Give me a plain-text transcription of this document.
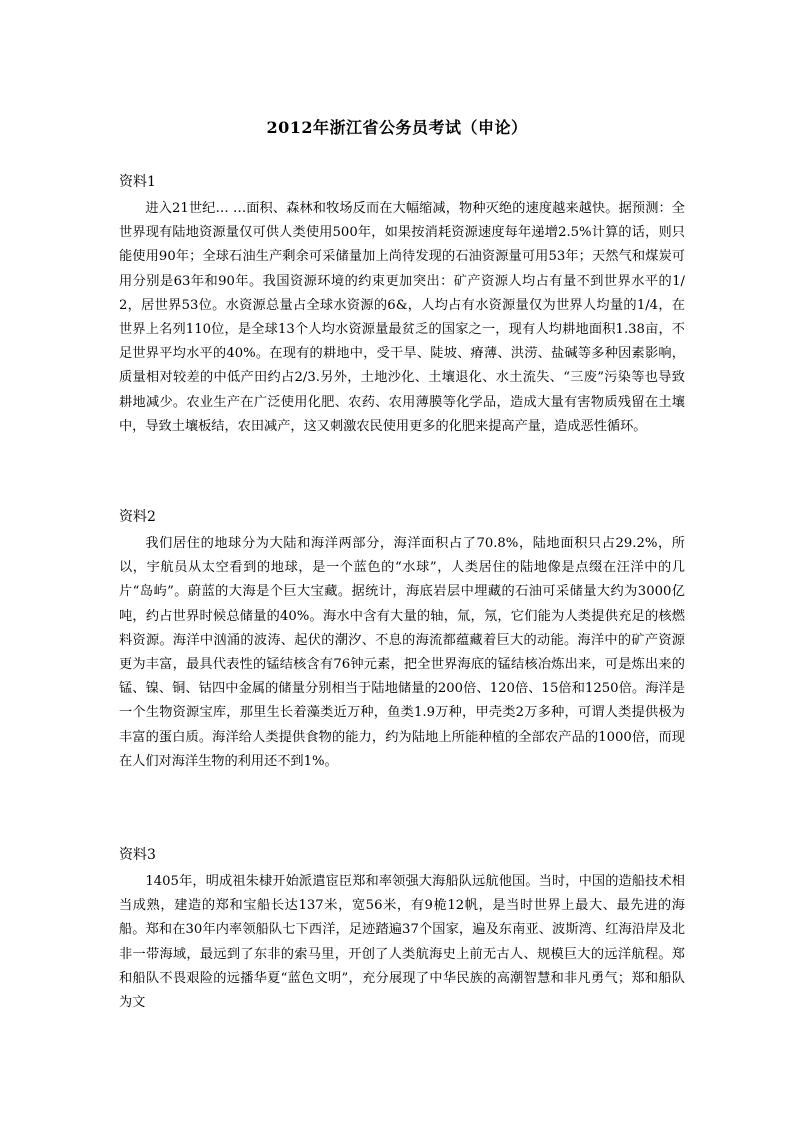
2012年浙江省公务员考试（申论）
资料1
进入21世纪… …面积、森林和牧场反而在大幅缩减，物种灭绝的速度越来越快。据预测：全世界现有陆地资源量仅可供人类使用500年，如果按消耗资源速度每年递增2.5%计算的话，则只能使用90年；全球石油生产剩余可采储量加上尚待发现的石油资源量可用53年；天然气和煤炭可用分别是63年和90年。我国资源环境的约束更加突出：矿产资源人均占有量不到世界水平的1/2，居世界53位。水资源总量占全球水资源的6&，人均占有水资源量仅为世界人均量的1/4，在世界上名列110位，是全球13个人均水资源量最贫乏的国家之一，现有人均耕地面积1.38亩，不足世界平均水平的40%。在现有的耕地中，受干旱、陡坡、瘠薄、洪涝、盐碱等多种因素影响，质量相对较差的中低产田约占2/3.另外，土地沙化、土壤退化、水土流失、“三废”污染等也导致耕地减少。农业生产在广泛使用化肥、农药、农用薄膜等化学品，造成大量有害物质残留在土壤中，导致土壤板结，农田减产，这又刺激农民使用更多的化肥来提高产量，造成恶性循环。
资料2
我们居住的地球分为大陆和海洋两部分，海洋面积占了70.8%，陆地面积只占29.2%，所以，宇航员从太空看到的地球，是一个蓝色的“水球”，人类居住的陆地像是点缀在汪洋中的几片“岛屿”。蔚蓝的大海是个巨大宝藏。据统计，海底岩层中埋藏的石油可采储量大约为3000亿吨，约占世界时候总储量的40%。海水中含有大量的轴，氚，氖，它们能为人类提供充足的核燃料资源。海洋中汹涌的波涛、起伏的潮汐、不息的海流都蕴藏着巨大的动能。海洋中的矿产资源更为丰富，最具代表性的锰结核含有76钟元素，把全世界海底的锰结核冶炼出来，可是炼出来的锰、镍、铜、钴四中金属的储量分别相当于陆地储量的200倍、120倍、15倍和1250倍。海洋是一个生物资源宝库，那里生长着藻类近万种，鱼类1.9万种，甲壳类2万多种，可谓人类提供极为丰富的蛋白质。海洋给人类提供食物的能力，约为陆地上所能种植的全部农产品的1000倍，而现在人们对海洋生物的利用还不到1%。
资料3
1405年，明成祖朱棣开始派遣宦臣郑和率领强大海船队远航他国。当时，中国的造船技术相当成熟，建造的郑和宝船长达137米，宽56米，有9桅12帆，是当时世界上最大、最先进的海船。郑和在30年内率领船队七下西洋，足迹踏遍37个国家，遍及东南亚、波斯湾、红海沿岸及北非一带海域，最远到了东非的索马里，开创了人类航海史上前无古人、规模巨大的远洋航程。郑和船队不畏艰险的远播华夏“蓝色文明”，充分展现了中华民族的高潮智慧和非凡勇气；郑和船队为文
